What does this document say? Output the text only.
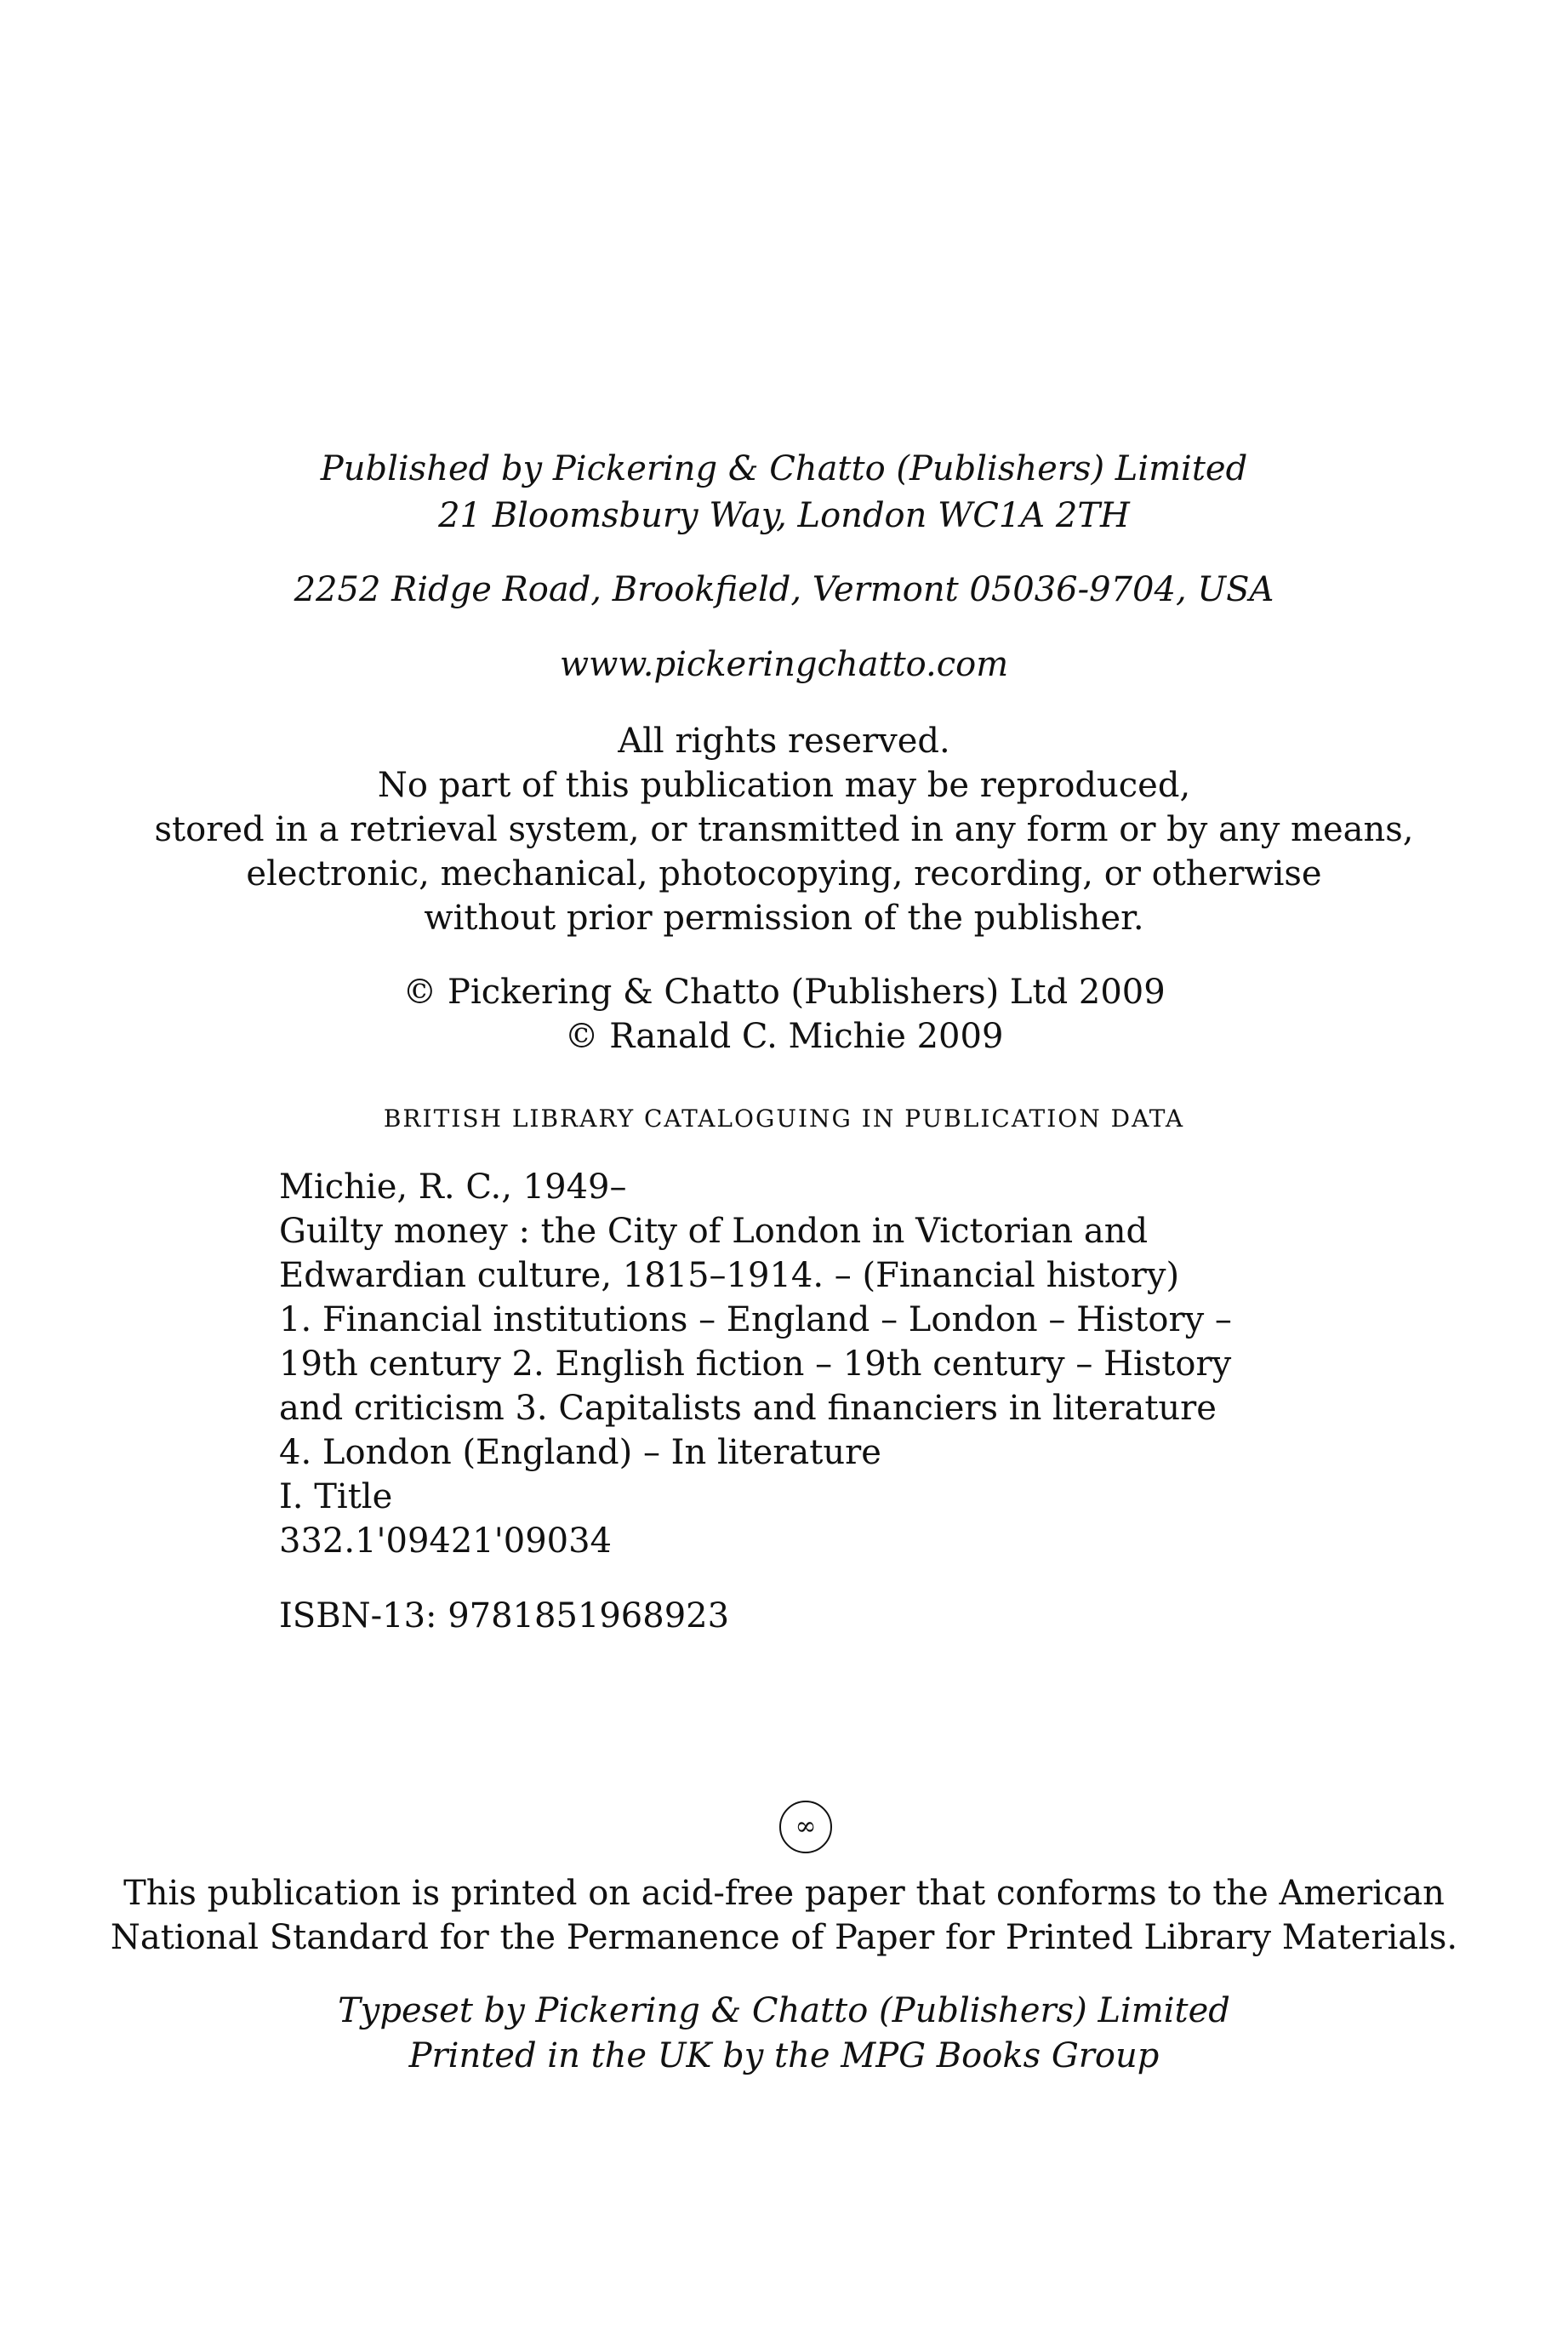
Published by Pickering & Chatto (Publishers) Limited
21 Bloomsbury Way, London WC1A 2TH
2252 Ridge Road, Brookfield, Vermont 05036-9704, USA
www.pickeringchatto.com
All rights reserved.
No part of this publication may be reproduced,
stored in a retrieval system, or transmitted in any form or by any means,
electronic, mechanical, photocopying, recording, or otherwise
without prior permission of the publisher.
© Pickering & Chatto (Publishers) Ltd 2009
© Ranald C. Michie 2009
BRITISH LIBRARY CATALOGUING IN PUBLICATION DATA
Michie, R. C., 1949–
Guilty money : the City of London in Victorian and
Edwardian culture, 1815–1914. – (Financial history)
1. Financial institutions – England – London – History –
19th century 2. English fiction – 19th century – History
and criticism 3. Capitalists and financiers in literature
4. London (England) – In literature
I. Title
332.1'09421'09034
ISBN-13: 9781851968923
∞
This publication is printed on acid-free paper that conforms to the American
National Standard for the Permanence of Paper for Printed Library Materials.
Typeset by Pickering & Chatto (Publishers) Limited
Printed in the UK by the MPG Books Group
